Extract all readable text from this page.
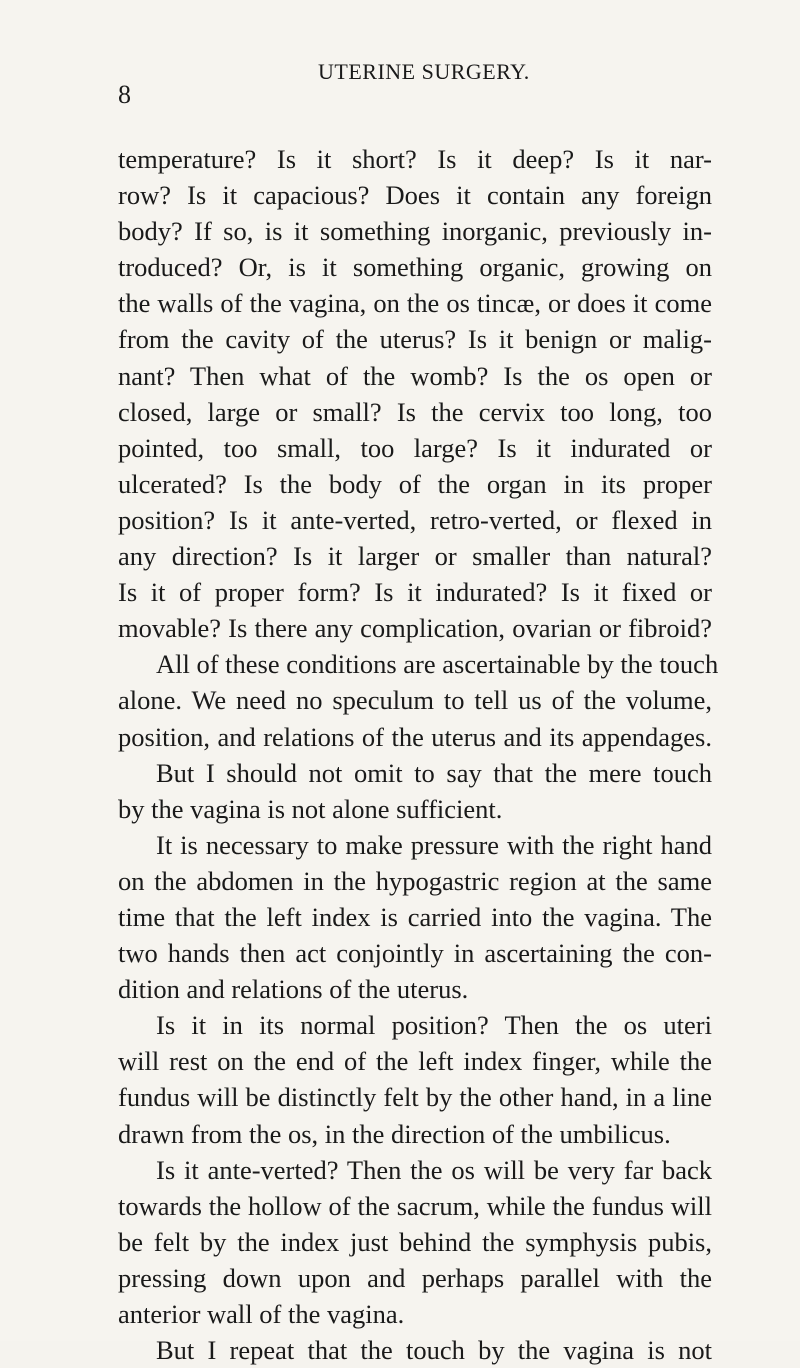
8
UTERINE SURGERY.
temperature? Is it short? Is it deep? Is it nar-
row? Is it capacious? Does it contain any foreign
body? If so, is it something inorganic, previously in-
troduced? Or, is it something organic, growing on
the walls of the vagina, on the os tincæ, or does it come
from the cavity of the uterus? Is it benign or malig-
nant? Then what of the womb? Is the os open or
closed, large or small? Is the cervix too long, too
pointed, too small, too large? Is it indurated or
ulcerated? Is the body of the organ in its proper
position? Is it ante-verted, retro-verted, or flexed in
any direction? Is it larger or smaller than natural?
Is it of proper form? Is it indurated? Is it fixed or
movable? Is there any complication, ovarian or fibroid?
All of these conditions are ascertainable by the touch
alone. We need no speculum to tell us of the volume,
position, and relations of the uterus and its appendages.
But I should not omit to say that the mere touch
by the vagina is not alone sufficient.
It is necessary to make pressure with the right hand
on the abdomen in the hypogastric region at the same
time that the left index is carried into the vagina. The
two hands then act conjointly in ascertaining the con-
dition and relations of the uterus.
Is it in its normal position? Then the os uteri
will rest on the end of the left index finger, while the
fundus will be distinctly felt by the other hand, in a line
drawn from the os, in the direction of the umbilicus.
Is it ante-verted? Then the os will be very far back
towards the hollow of the sacrum, while the fundus will
be felt by the index just behind the symphysis pubis,
pressing down upon and perhaps parallel with the
anterior wall of the vagina.
But I repeat that the touch by the vagina is not
